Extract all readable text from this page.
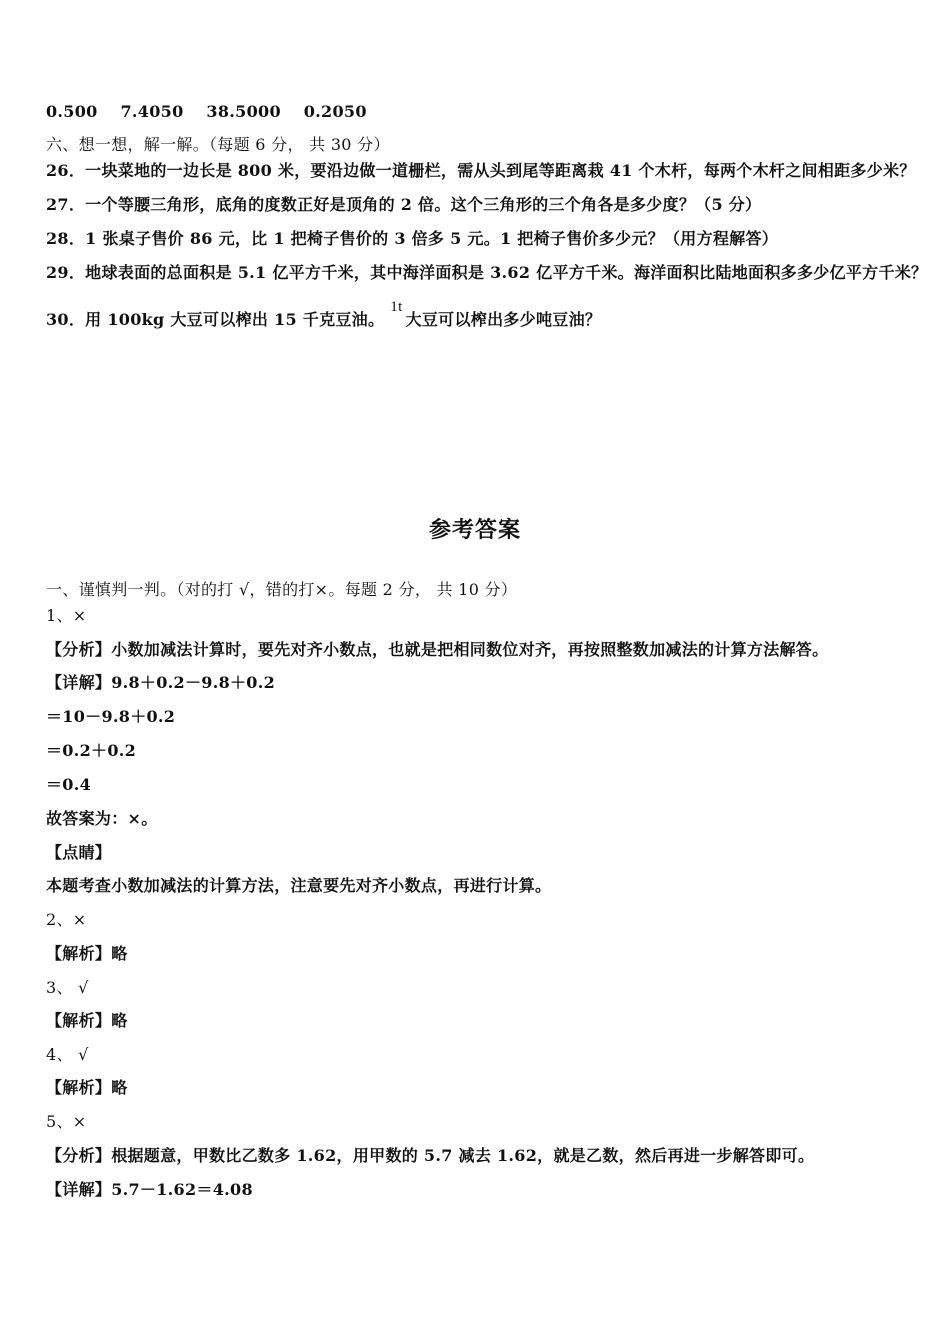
0.500 7.4050 38.5000 0.2050
六、想一想，解一解。（每题 6 分， 共 30 分）
26．一块菜地的一边长是 800 米，要沿边做一道栅栏，需从头到尾等距离栽 41 个木杆，每两个木杆之间相距多少米？
27．一个等腰三角形，底角的度数正好是顶角的 2 倍。这个三角形的三个角各是多少度？（5 分）
28．1 张桌子售价 86 元，比 1 把椅子售价的 3 倍多 5 元。1 把椅子售价多少元？（用方程解答）
29．地球表面的总面积是 5.1 亿平方千米，其中海洋面积是 3.62 亿平方千米。海洋面积比陆地面积多多少亿平方千米？
30．用 100kg 大豆可以榨出 15 千克豆油。1t大豆可以榨出多少吨豆油？
参考答案
一、谨慎判一判。（对的打 √，错的打×。每题 2 分， 共 10 分）
1、×
【分析】小数加减法计算时，要先对齐小数点，也就是把相同数位对齐，再按照整数加减法的计算方法解答。
【详解】9.8＋0.2－9.8＋0.2
＝10－9.8＋0.2
＝0.2＋0.2
＝0.4
故答案为：×。
【点睛】
本题考查小数加减法的计算方法，注意要先对齐小数点，再进行计算。
2、×
【解析】略
3、 √
【解析】略
4、 √
【解析】略
5、×
【分析】根据题意，甲数比乙数多 1.62，用甲数的 5.7 减去 1.62，就是乙数，然后再进一步解答即可。
【详解】5.7－1.62＝4.08
